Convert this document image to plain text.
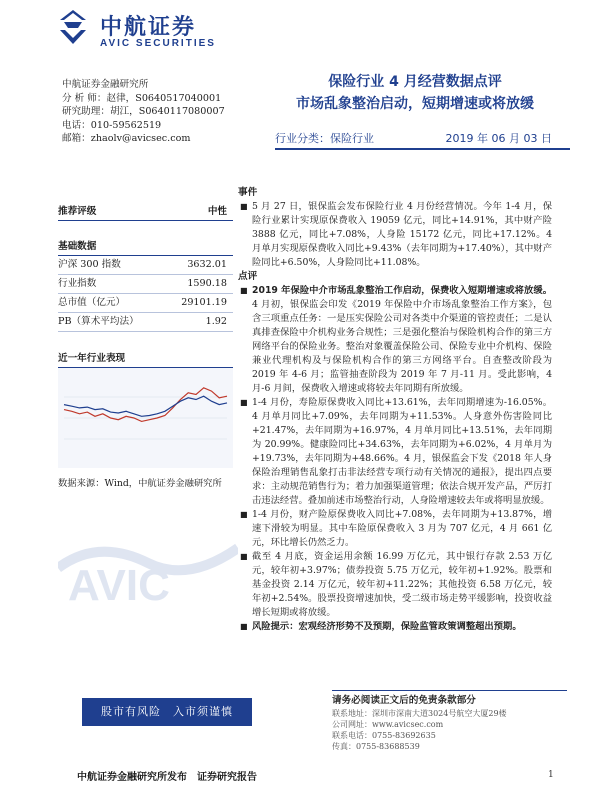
中航证券
AVIC SECURITIES
中航证券金融研究所
分 析 师：赵律，S0640517040001
研究助理：胡江，S0640117080007
电话：010-59562519
邮箱：zhaolv@avicsec.com
保险行业 4 月经营数据点评
市场乱象整治启动，短期增速或将放缓
行业分类：保险行业	2019 年 06 月 03 日
推荐评级	中性
基础数据
沪深 300 指数	3632.01
行业指数	1590.18
总市值（亿元）	29101.19
PB（算术平均法）	1.92
近一年行业表现
数据来源：Wind，中航证券金融研究所
AVIC
事件
■ 5 月 27 日，银保监会发布保险行业 4 月份经营情况。今年 1-4 月，保险行业累计实现原保费收入 19059 亿元，同比+14.91%，其中财产险 3888 亿元，同比+7.08%，人身险 15172 亿元，同比+17.12%。4 月单月实现原保费收入同比+9.43%（去年同期为+17.40%），其中财产险同比+6.50%，人身险同比+11.08%。

点评
■ 2019 年保险中介市场乱象整治工作启动，保费收入短期增速或将放缓。4 月初，银保监会印发《2019 年保险中介市场乱象整治工作方案》，包含三项重点任务：一是压实保险公司对各类中介渠道的管控责任；二是认真排查保险中介机构业务合规性；三是强化整治与保险机构合作的第三方网络平台的保险业务。整治对象覆盖保险公司、保险专业中介机构、保险兼业代理机构及与保险机构合作的第三方网络平台。自查整改阶段为 2019 年 4-6 月；监管抽查阶段为 2019 年 7 月-11 月。受此影响，4 月-6 月间，保费收入增速或将较去年同期有所放缓。

■ 1-4 月份，寿险原保费收入同比+13.61%，去年同期增速为-16.05%。4 月单月同比+7.09%，去年同期为+11.53%。人身意外伤害险同比+21.47%，去年同期为+16.97%，4 月单月同比+13.51%，去年同期为 20.99%。健康险同比+34.63%，去年同期为+6.02%，4 月单月为+19.73%，去年同期为+48.66%。4 月，银保监会下发《2018 年人身保险治理销售乱象打击非法经营专项行动有关情况的通报》，提出四点要求：主动规范销售行为；着力加强渠道管理；依法合规开发产品，严厉打击违法经营。叠加前述市场整治行动，人身险增速较去年或将明显放缓。

■ 1-4 月份，财产险原保费收入同比+7.08%，去年同期为+13.87%，增速下滑较为明显。其中车险原保费收入 3 月为 707 亿元，4 月 661 亿元，环比增长仍然乏力。

■ 截至 4 月底，资金运用余额 16.99 万亿元，其中银行存款 2.53 万亿元，较年初+3.97%；债券投资 5.75 万亿元，较年初+1.92%。股票和基金投资 2.14 万亿元，较年初+11.22%；其他投资 6.58 万亿元，较年初+2.54%。股票投资增速加快，受二级市场走势平缓影响，投资收益增长短期或将放缓。

■ 风险提示：宏观经济形势不及预期，保险监管政策调整超出预期。

股市有风险　入市须谨慎
请务必阅读正文后的免责条款部分
联系地址：深圳市深南大道3024号航空大厦29楼
公司网址：www.avicsec.com
联系电话：0755-83692635
传真：0755-83688539
中航证券金融研究所发布　证券研究报告	1
